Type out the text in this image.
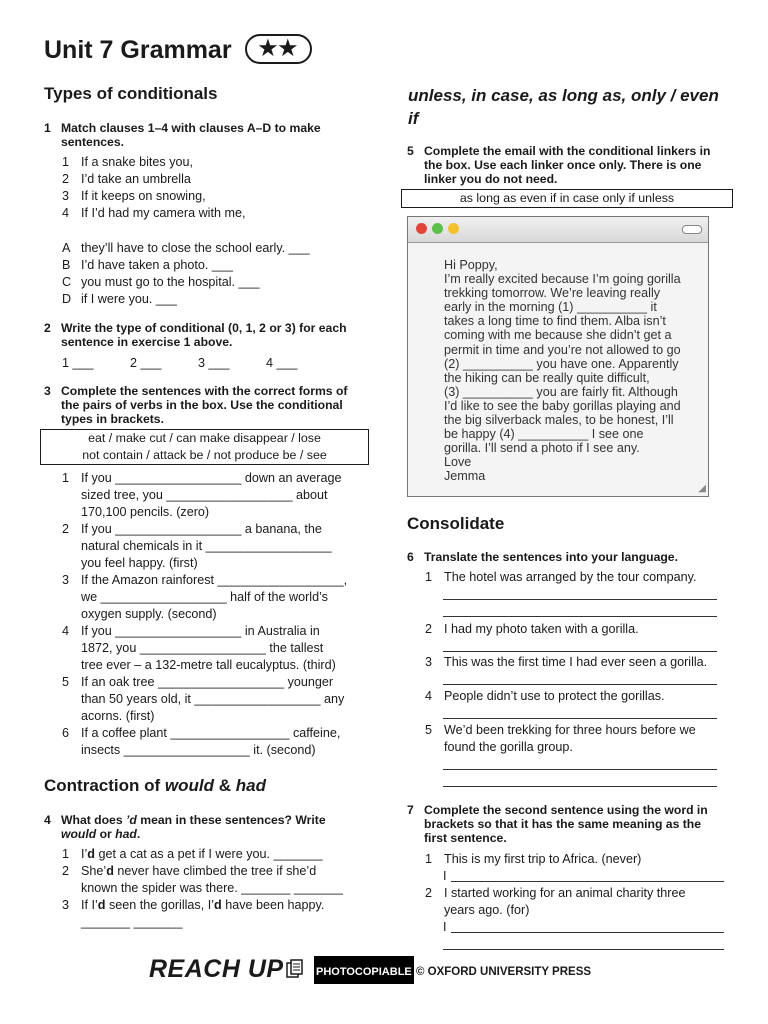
Unit 7 Grammar ★★
Types of conditionals
1 Match clauses 1–4 with clauses A–D to make sentences.
1 If a snake bites you,
2 I’d take an umbrella
3 If it keeps on snowing,
4 If I’d had my camera with me,
A they’ll have to close the school early. ___
B I’d have taken a photo. ___
C you must go to the hospital. ___
D if I were you. ___
2 Write the type of conditional (0, 1, 2 or 3) for each sentence in exercise 1 above.
1 ___	2 ___	3 ___	4 ___
3 Complete the sentences with the correct forms of the pairs of verbs in the box. Use the conditional types in brackets.
eat / make cut / can make disappear / lose
not contain / attack be / not produce be / see
1 If you __________________ down an average
sized tree, you __________________ about
170,100 pencils. (zero)
2 If you __________________ a banana, the
natural chemicals in it __________________
you feel happy. (first)
3 If the Amazon rainforest __________________,
we __________________ half of the world’s
oxygen supply. (second)
4 If you __________________ in Australia in
1872, you __________________ the tallest
tree ever – a 132-metre tall eucalyptus. (third)
5 If an oak tree __________________ younger
than 50 years old, it __________________ any
acorns. (first)
6 If a coffee plant _________________ caffeine,
insects __________________ it. (second)
Contraction of would & had
4 What does ’d mean in these sentences? Write would or had.
1 I’d get a cat as a pet if I were you. _______
2 She’d never have climbed the tree if she’d
known the spider was there. _______ _______
3 If I’d seen the gorillas, I’d have been happy.
_______ _______
unless, in case, as long as, only / even if
5 Complete the email with the conditional linkers in the box. Use each linker once only. There is one linker you do not need.
as long as even if in case only if unless
Hi Poppy,
I’m really excited because I’m going gorilla
trekking tomorrow. We’re leaving really
early in the morning (1) __________ it
takes a long time to find them. Alba isn’t
coming with me because she didn’t get a
permit in time and you’re not allowed to go
(2) __________ you have one. Apparently
the hiking can be really quite difficult,
(3) __________ you are fairly fit. Although
I’d like to see the baby gorillas playing and
the big silverback males, to be honest, I’ll
be happy (4) __________ I see one
gorilla. I’ll send a photo if I see any.
Love
Jemma
◢
Consolidate
6 Translate the sentences into your language.
1 The hotel was arranged by the tour company.
2 I had my photo taken with a gorilla.
3 This was the first time I had ever seen a gorilla.
4 People didn’t use to protect the gorillas.
5 We’d been trekking for three hours before we found the gorilla group.
7 Complete the second sentence using the word in brackets so that it has the same meaning as the first sentence.
1 This is my first trip to Africa. (never)
I
2 I started working for an animal charity three years ago. (for)
I
REACH UP	PHOTOCOPIABLE © OXFORD UNIVERSITY PRESS
